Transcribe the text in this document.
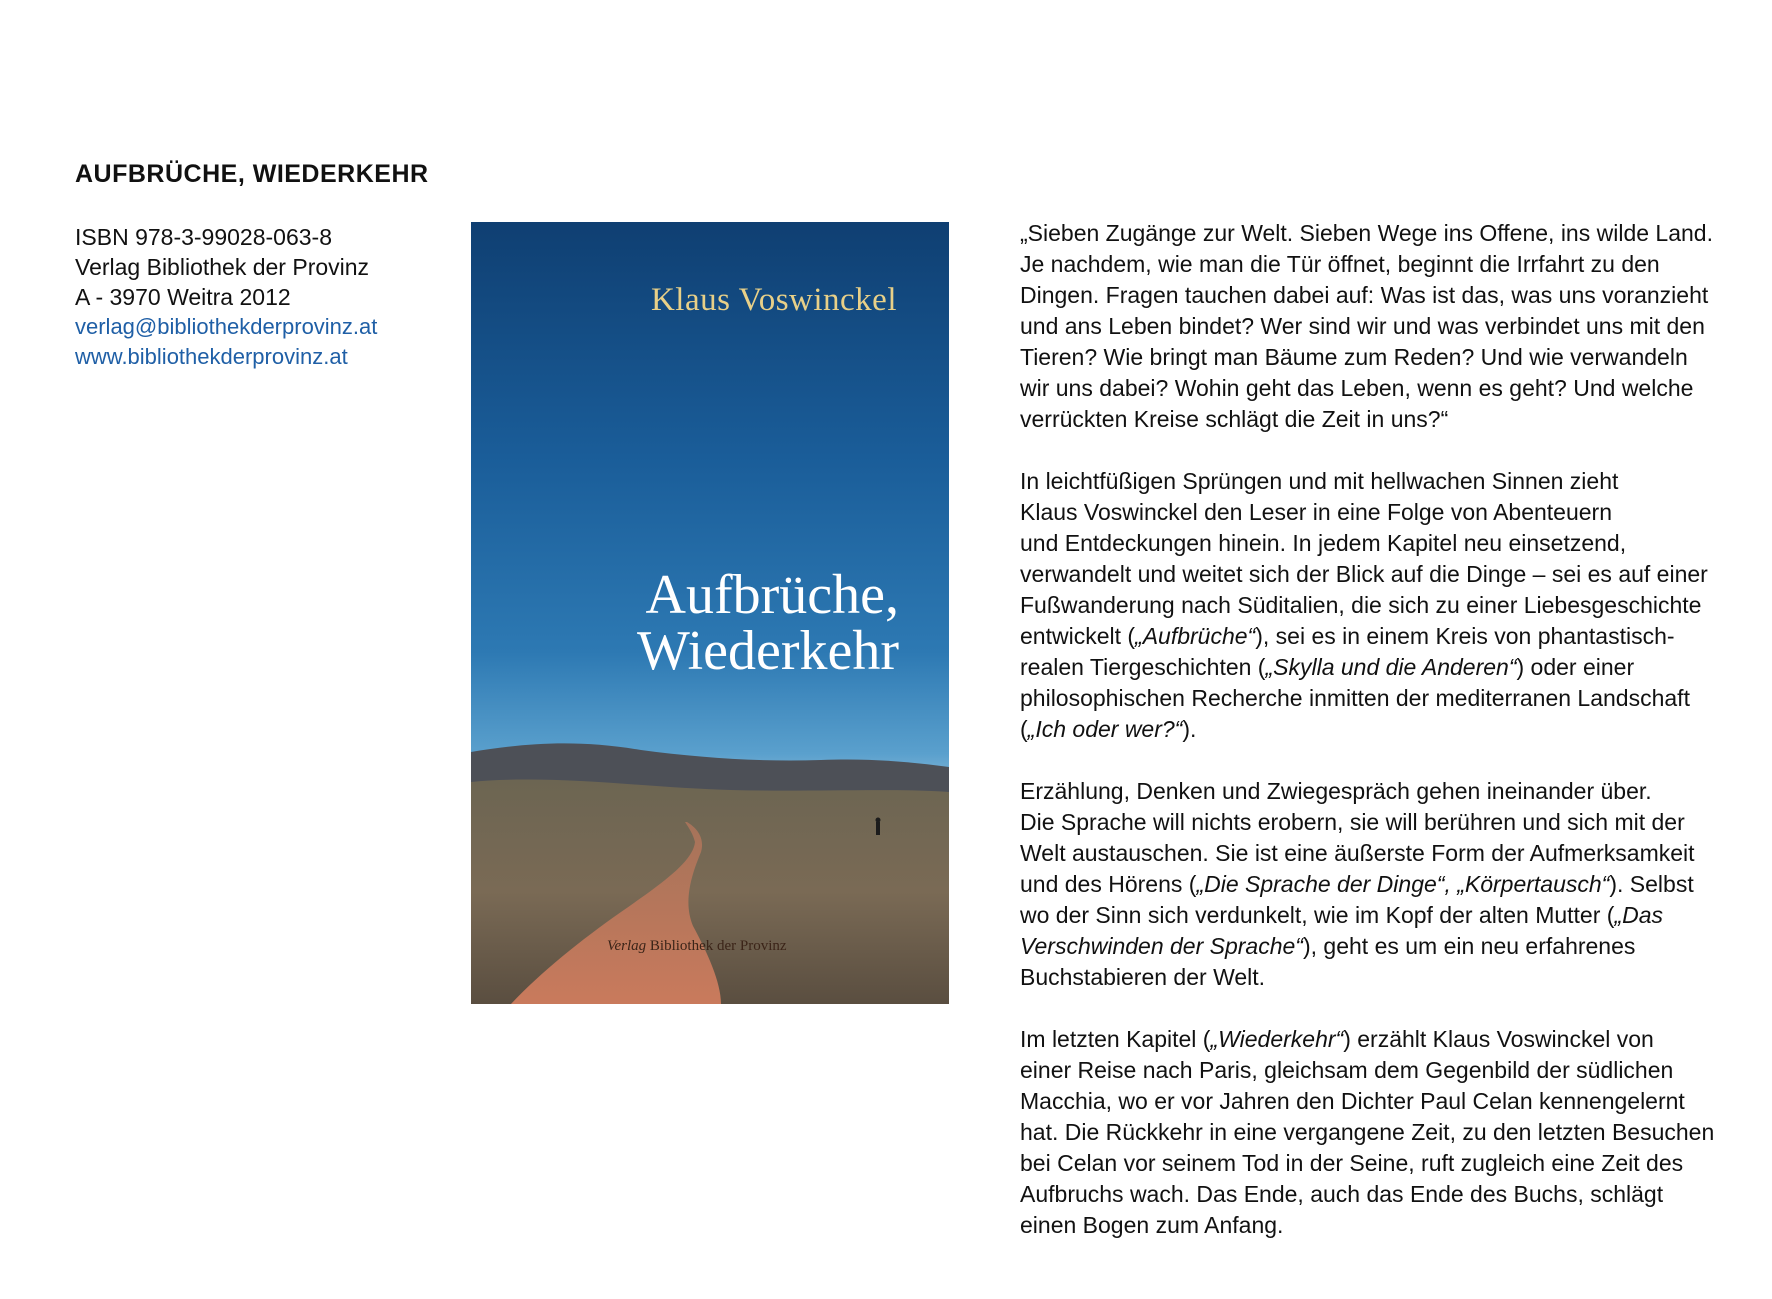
AUFBRÜCHE, WIEDERKEHR
ISBN 978-3-99028-063-8
Verlag Bibliothek der Provinz
A - 3970 Weitra 2012
verlag@bibliothekderprovinz.at
www.bibliothekderprovinz.at
Klaus Voswinckel
Aufbrüche,
Wiederkehr
Verlag Bibliothek der Provinz

„Sieben Zugänge zur Welt. Sieben Wege ins Offene, ins wilde Land.
Je nachdem, wie man die Tür öffnet, beginnt die Irrfahrt zu den
Dingen. Fragen tauchen dabei auf: Was ist das, was uns voranzieht
und ans Leben bindet? Wer sind wir und was verbindet uns mit den
Tieren? Wie bringt man Bäume zum Reden? Und wie verwandeln
wir uns dabei? Wohin geht das Leben, wenn es geht? Und welche
verrückten Kreise schlägt die Zeit in uns?“

In leichtfüßigen Sprüngen und mit hellwachen Sinnen zieht
Klaus Voswinckel den Leser in eine Folge von Abenteuern
und Entdeckungen hinein. In jedem Kapitel neu einsetzend,
verwandelt und weitet sich der Blick auf die Dinge – sei es auf einer
Fußwanderung nach Süditalien, die sich zu einer Liebesgeschichte
entwickelt („Aufbrüche“), sei es in einem Kreis von phantastisch-
realen Tiergeschichten („Skylla und die Anderen“) oder einer
philosophischen Recherche inmitten der mediterranen Landschaft
(„Ich oder wer?“).

Erzählung, Denken und Zwiegespräch gehen ineinander über.
Die Sprache will nichts erobern, sie will berühren und sich mit der
Welt austauschen. Sie ist eine äußerste Form der Aufmerksamkeit
und des Hörens („Die Sprache der Dinge“, „Körpertausch“). Selbst
wo der Sinn sich verdunkelt, wie im Kopf der alten Mutter („Das
Verschwinden der Sprache“), geht es um ein neu erfahrenes
Buchstabieren der Welt.

Im letzten Kapitel („Wiederkehr“) erzählt Klaus Voswinckel von
einer Reise nach Paris, gleichsam dem Gegenbild der südlichen
Macchia, wo er vor Jahren den Dichter Paul Celan kennengelernt
hat. Die Rückkehr in eine vergangene Zeit, zu den letzten Besuchen
bei Celan vor seinem Tod in der Seine, ruft zugleich eine Zeit des
Aufbruchs wach. Das Ende, auch das Ende des Buchs, schlägt
einen Bogen zum Anfang.
